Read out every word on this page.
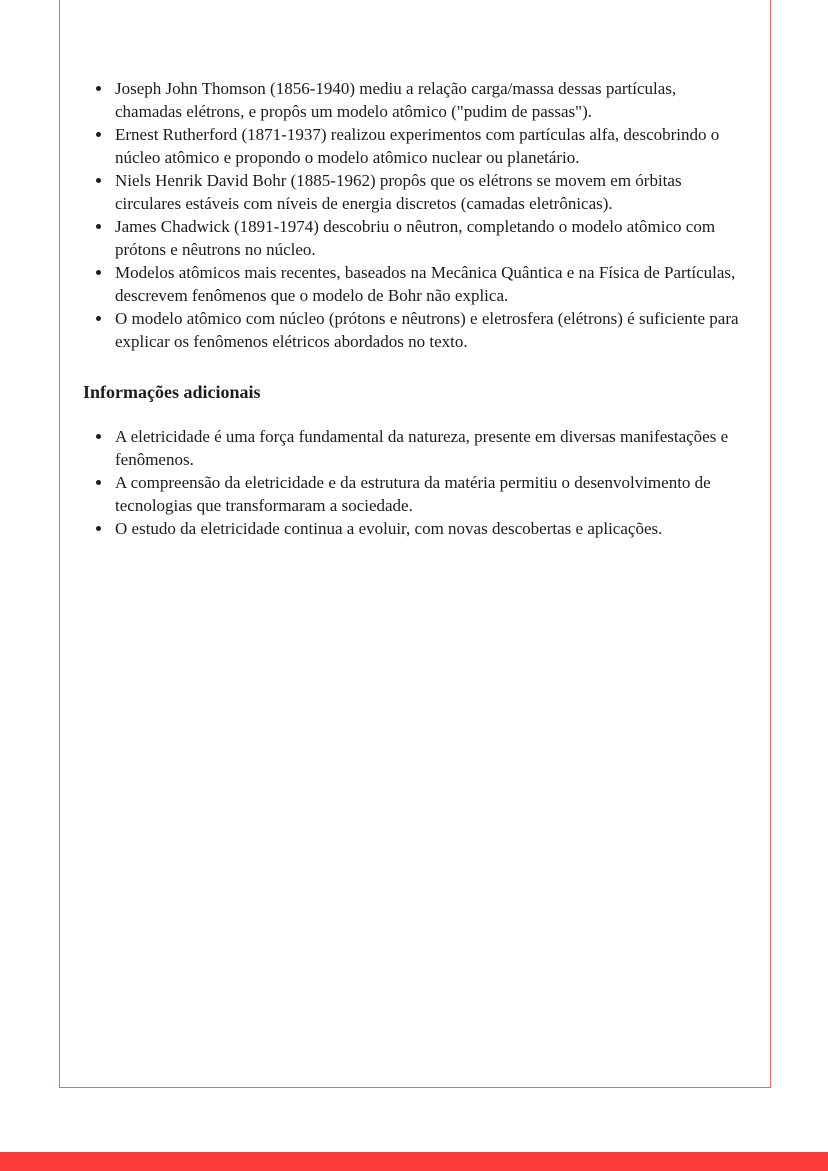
• Joseph John Thomson (1856-1940) mediu a relação carga/massa dessas partículas, chamadas elétrons, e propôs um modelo atômico ("pudim de passas").
• Ernest Rutherford (1871-1937) realizou experimentos com partículas alfa, descobrindo o núcleo atômico e propondo o modelo atômico nuclear ou planetário.
• Niels Henrik David Bohr (1885-1962) propôs que os elétrons se movem em órbitas circulares estáveis com níveis de energia discretos (camadas eletrônicas).
• James Chadwick (1891-1974) descobriu o nêutron, completando o modelo atômico com prótons e nêutrons no núcleo.
• Modelos atômicos mais recentes, baseados na Mecânica Quântica e na Física de Partículas, descrevem fenômenos que o modelo de Bohr não explica.
• O modelo atômico com núcleo (prótons e nêutrons) e eletrosfera (elétrons) é suficiente para explicar os fenômenos elétricos abordados no texto.
Informações adicionais
• A eletricidade é uma força fundamental da natureza, presente em diversas manifestações e fenômenos.
• A compreensão da eletricidade e da estrutura da matéria permitiu o desenvolvimento de tecnologias que transformaram a sociedade.
• O estudo da eletricidade continua a evoluir, com novas descobertas e aplicações.
